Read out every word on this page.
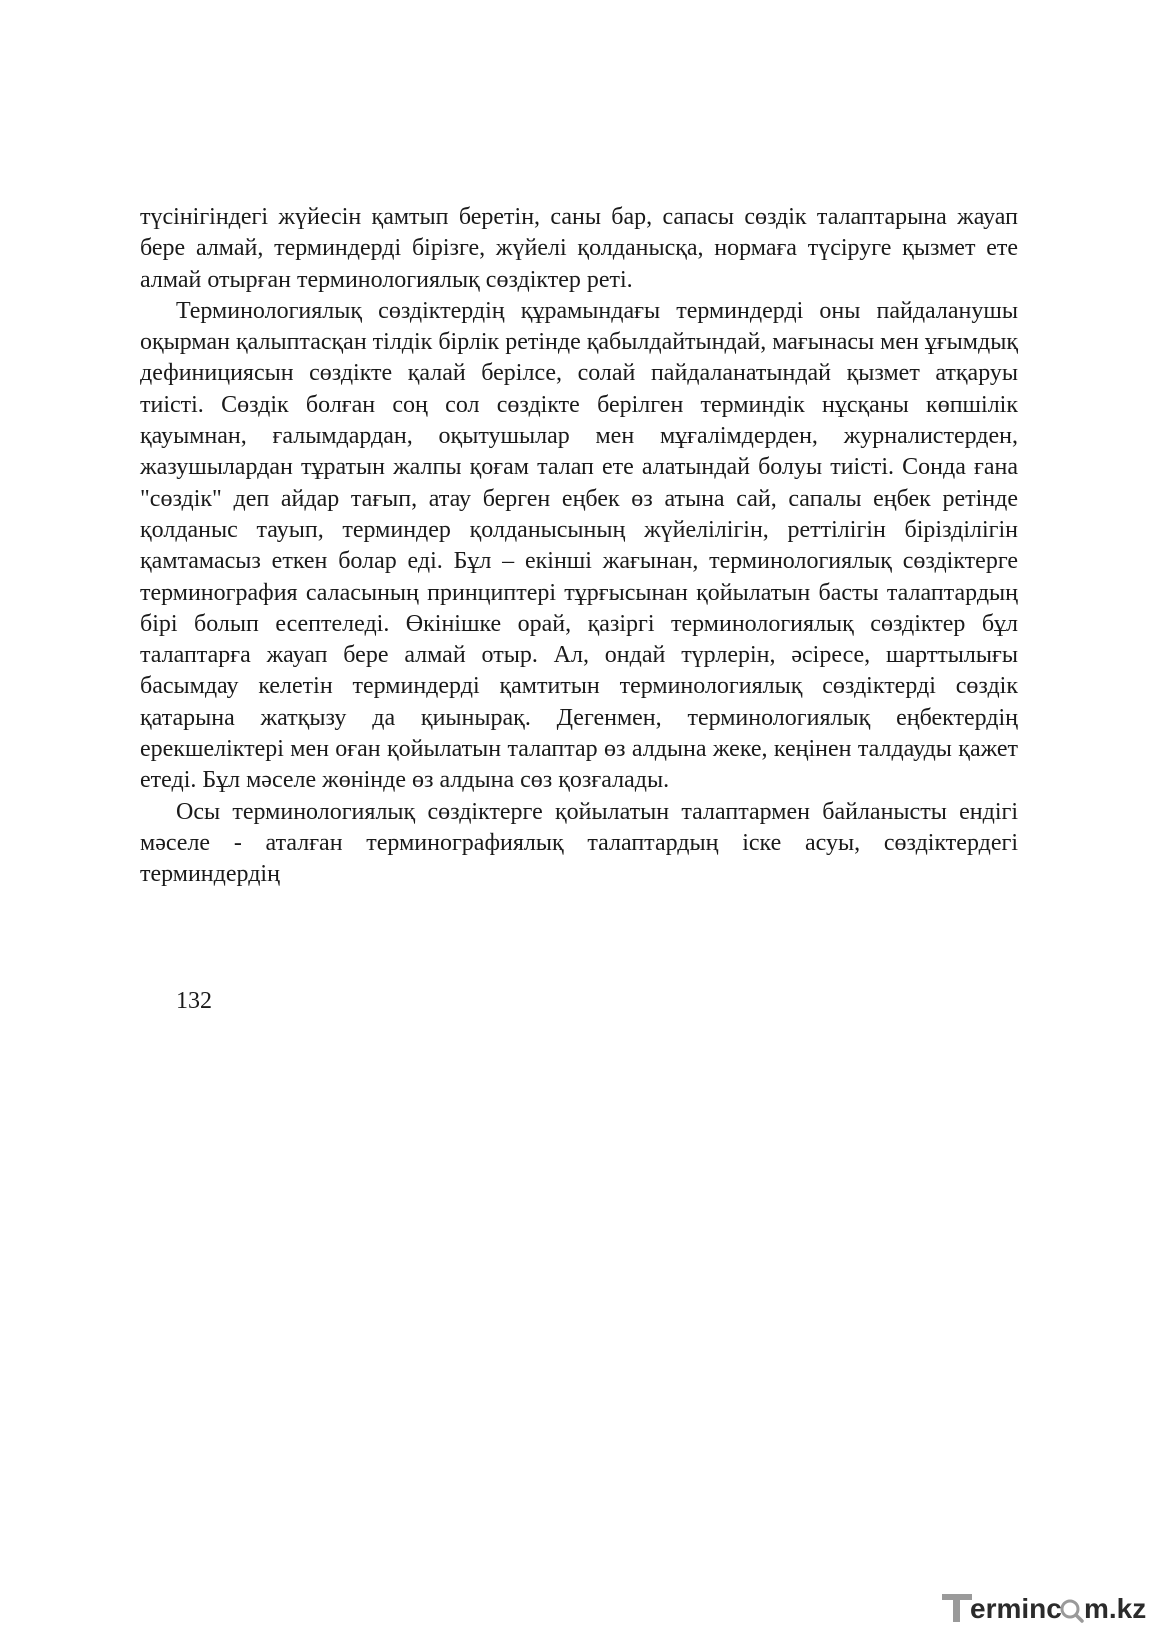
түсінігіндегі жүйесін қамтып беретін, саны бар, сапасы сөздік талаптарына жауап бере алмай, терминдерді бірізге, жүйелі қолданысқа, нормаға түсіруге қызмет ете алмай отырған терминологиялық сөздіктер реті.

Терминологиялық сөздіктердің құрамындағы терминдерді оны пайдаланушы оқырман қалыптасқан тілдік бірлік ретінде қабылдайтындай, мағынасы мен ұғымдық дефинициясын сөздікте қалай берілсе, солай пайдаланатындай қызмет атқаруы тиісті. Сөздік болған соң сол сөздікте берілген терминдік нұсқаны көпшілік қауымнан, ғалымдардан, оқытушылар мен мұғалімдерден, журналистерден, жазушылардан тұратын жалпы қоғам талап ете алатындай болуы тиісті. Сонда ғана "сөздік" деп айдар тағып, атау берген еңбек өз атына сай, сапалы еңбек ретінде қолданыс тауып, терминдер қолданысының жүйелілігін, реттілігін бірізділігін қамтамасыз еткен болар еді. Бұл – екінші жағынан, терминологиялық сөздіктерге терминография саласының принциптері тұрғысынан қойылатын басты талаптардың бірі болып есептеледі. Өкінішке орай, қазіргі терминологиялық сөздіктер бұл талаптарға жауап бере алмай отыр. Ал, ондай түрлерін, әсіресе, шарттылығы басымдау келетін терминдерді қамтитын терминологиялық сөздіктерді сөздік қатарына жатқызу да қиынырақ. Дегенмен, терминологиялық еңбектердің ерекшеліктері мен оған қойылатын талаптар өз алдына жеке, кеңінен талдауды қажет етеді. Бұл мәселе жөнінде өз алдына сөз қозғалады.

Осы терминологиялық сөздіктерге қойылатын талаптармен байланысты ендігі мәселе - аталған терминографиялық талаптардың іске асуы, сөздіктердегі терминдердің

132
erminc m.kz
